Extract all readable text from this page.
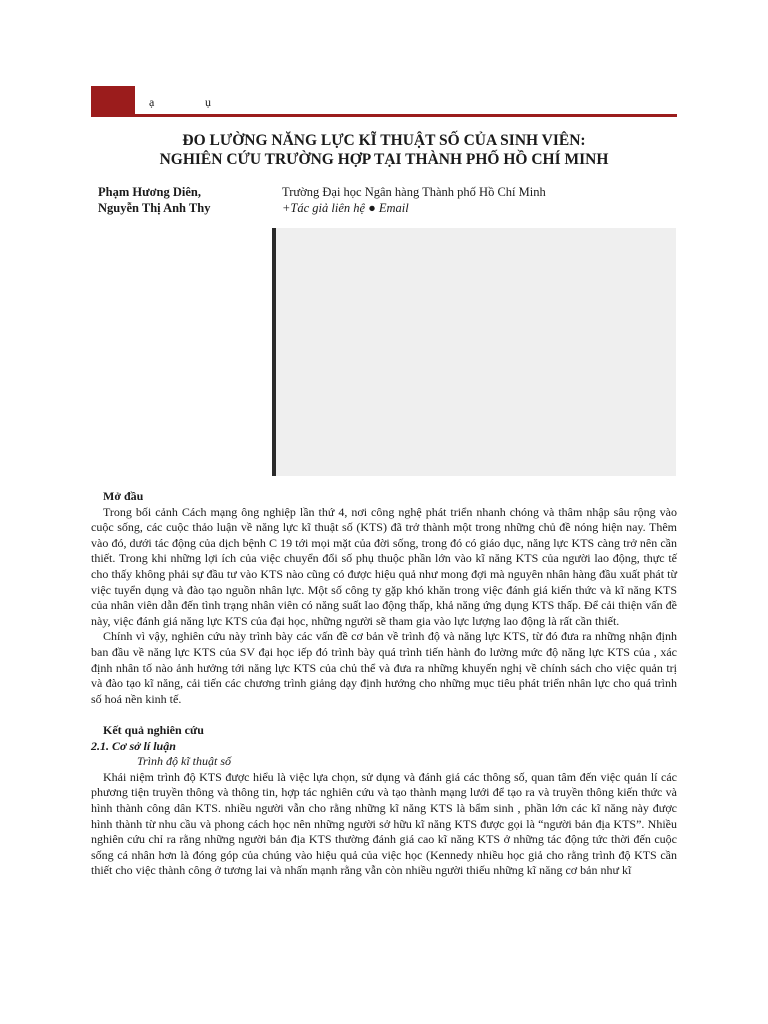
ạ	ụ
ĐO LƯỜNG NĂNG LỰC KĨ THUẬT SỐ CỦA SINH VIÊN:
NGHIÊN CỨU TRƯỜNG HỢP TẠI THÀNH PHỐ HỒ CHÍ MINH
Phạm Hương Diên,
Nguyễn Thị Anh Thy
Trường Đại học Ngân hàng Thành phố Hồ Chí Minh
+Tác giả liên hệ ● Email
Mở đầu

Trong bối cảnh Cách mạng ông nghiệp lần thứ 4, nơi công nghệ phát triển nhanh chóng và thâm nhập sâu rộng vào cuộc sống, các cuộc thảo luận về năng lực kĩ thuật số (KTS) đã trở thành một trong những chủ đề nóng hiện nay. Thêm vào đó, dưới tác động của dịch bệnh C 19 tới mọi mặt của đời sống, trong đó có giáo dục, năng lực KTS càng trở nên cần thiết. Trong khi những lợi ích của việc chuyển đổi số phụ thuộc phần lớn vào kĩ năng KTS của người lao động, thực tế cho thấy không phải sự đầu tư vào KTS nào cũng có được hiệu quả như mong đợi mà nguyên nhân hàng đầu xuất phát từ việc tuyển dụng và đào tạo nguồn nhân lực. Một số công ty gặp khó khăn trong việc đánh giá kiến thức và kĩ năng KTS của nhân viên dẫn đến tình trạng nhân viên có năng suất lao động thấp, khả năng ứng dụng KTS thấp. Để cải thiện vấn đề này, việc đánh giá năng lực KTS của đại học, những người sẽ tham gia vào lực lượng lao động là rất cần thiết.

Chính vì vậy, nghiên cứu này trình bày các vấn đề cơ bản về trình độ và năng lực KTS, từ đó đưa ra những nhận định ban đầu về năng lực KTS của SV đại học iếp đó trình bày quá trình tiến hành đo lường mức độ năng lực KTS của , xác định nhân tố nào ảnh hưởng tới năng lực KTS của chủ thể và đưa ra những khuyến nghị về chính sách cho việc quản trị và đào tạo kĩ năng, cải tiến các chương trình giảng dạy định hướng cho những mục tiêu phát triển nhân lực cho quá trình số hoá nền kinh tế.

Kết quả nghiên cứu
2.1. Cơ sở lí luận
Trình độ kĩ thuật số

Khái niệm trình độ KTS được hiểu là việc lựa chọn, sử dụng và đánh giá các thông số, quan tâm đến việc quản lí các phương tiện truyền thông và thông tin, hợp tác nghiên cứu và tạo thành mạng lưới để tạo ra và truyền thông kiến thức và hình thành công dân KTS. nhiều người vẫn cho rằng những kĩ năng KTS là bẩm sinh , phần lớn các kĩ năng này được hình thành từ nhu cầu và phong cách học nên những người sở hữu kĩ năng KTS được gọi là “người bản địa KTS”. Nhiều nghiên cứu chỉ ra rằng những người bản địa KTS thường đánh giá cao kĩ năng KTS ở những tác động tức thời đến cuộc sống cá nhân hơn là đóng góp của chúng vào hiệu quả của việc học (Kennedy nhiều học giả cho rằng trình độ KTS cần thiết cho việc thành công ở tương lai và nhấn mạnh rằng vẫn còn nhiều người thiếu những kĩ năng cơ bản như kĩ
